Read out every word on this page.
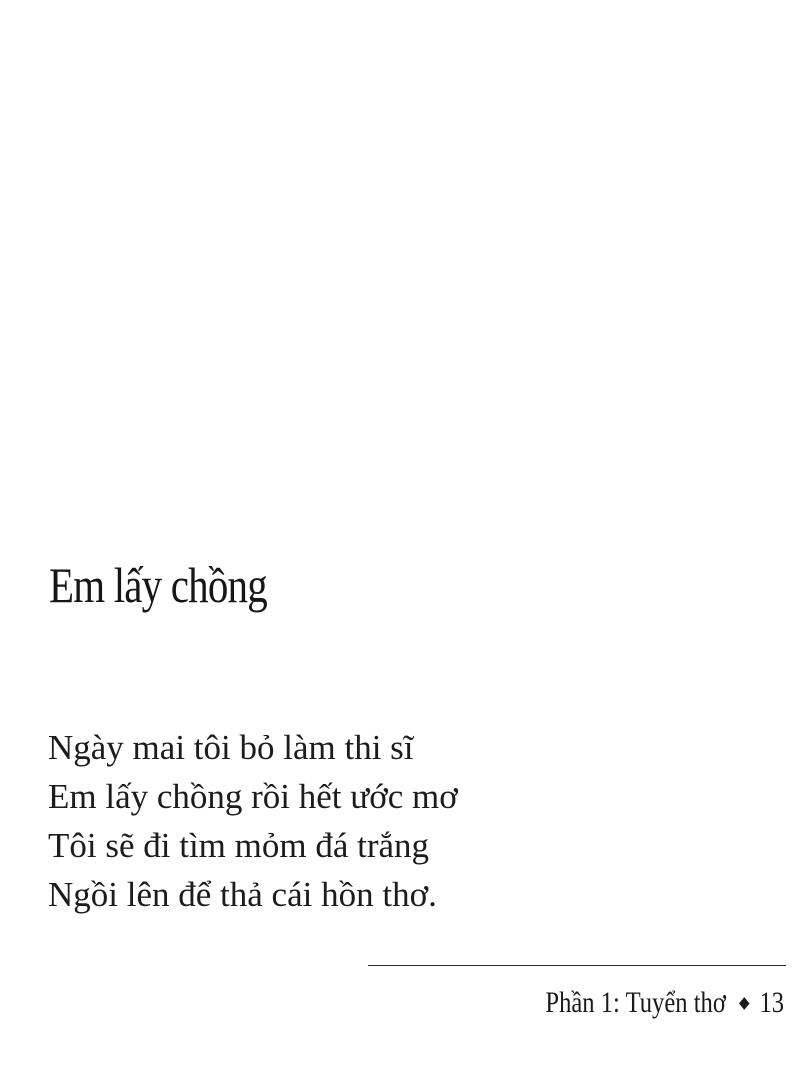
Em lấy chồng
Ngày mai tôi bỏ làm thi sĩ
Em lấy chồng rồi hết ước mơ
Tôi sẽ đi tìm mỏm đá trắng
Ngồi lên để thả cái hồn thơ.
Phần 1: Tuyển thơ 13
